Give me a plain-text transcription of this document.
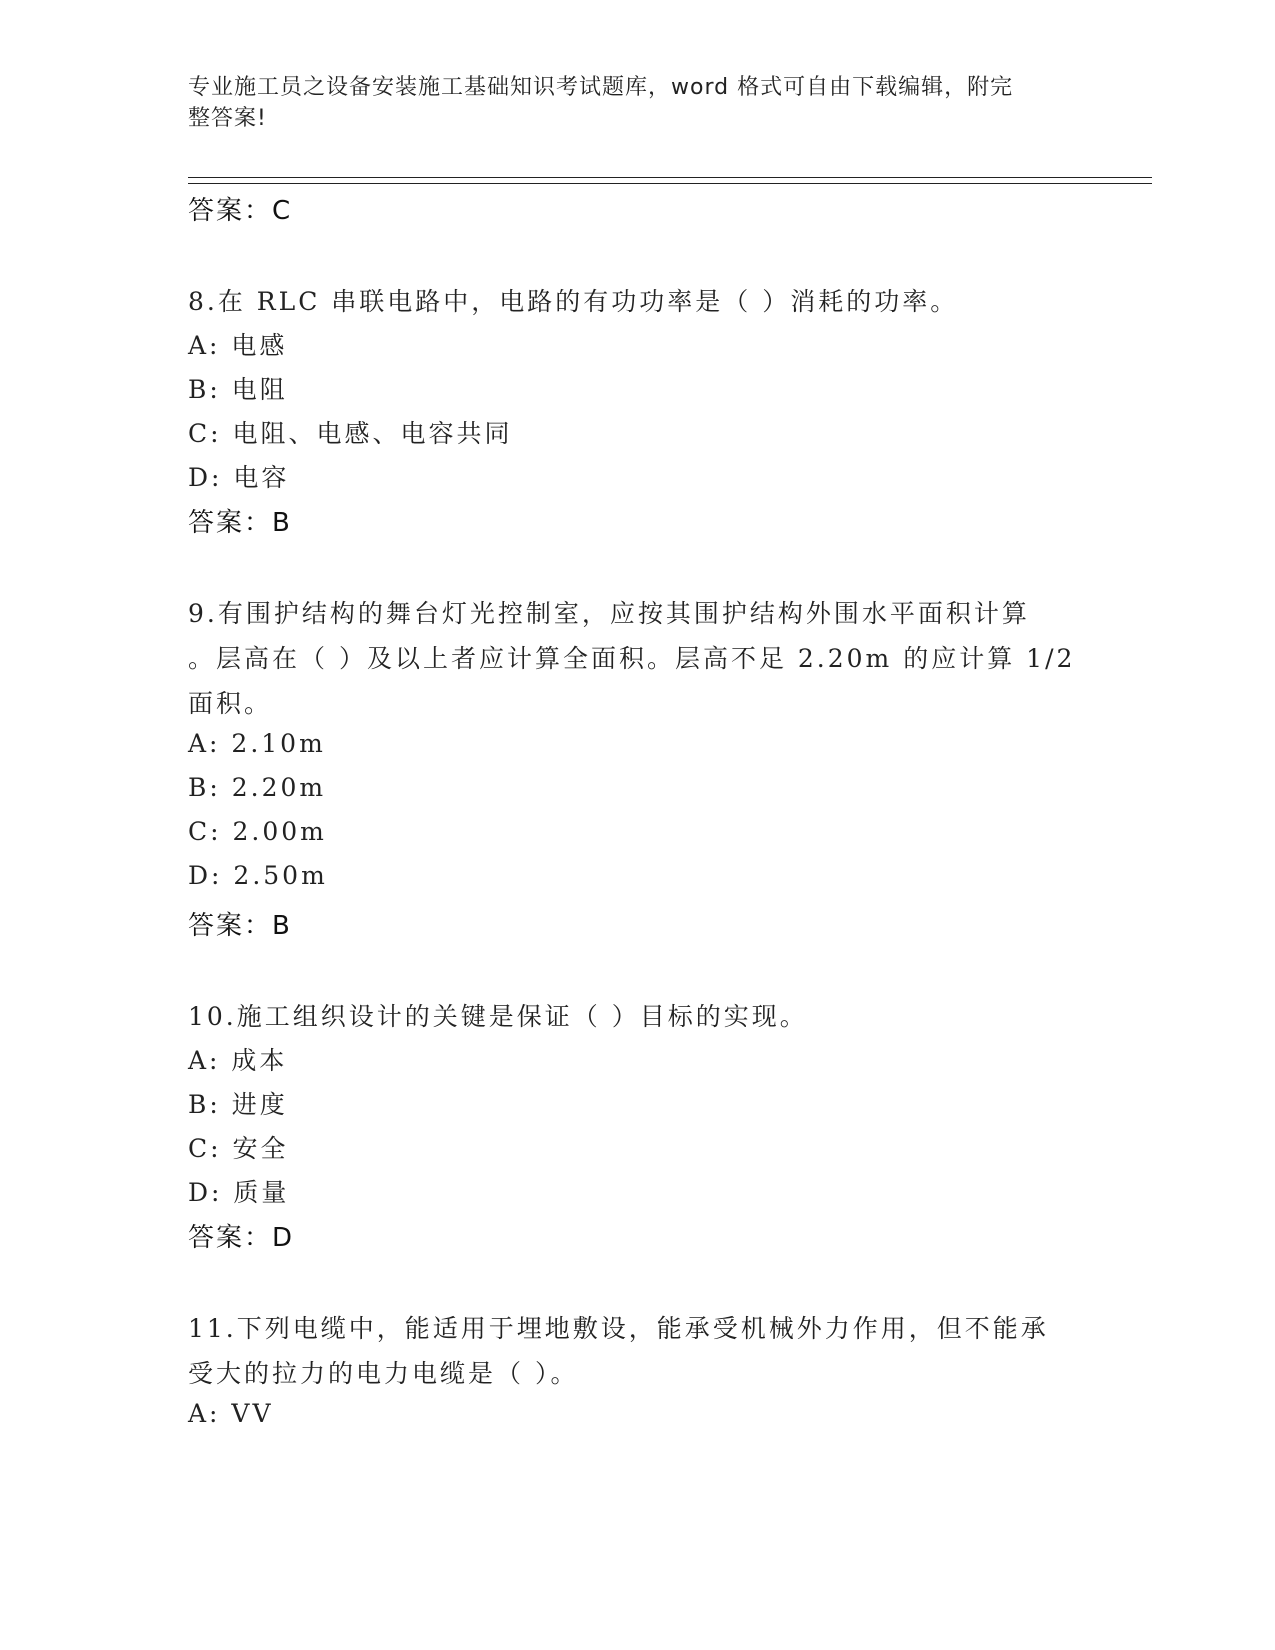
专业施工员之设备安装施工基础知识考试题库，word 格式可自由下载编辑，附完
整答案!
答案：C
8.在 RLC 串联电路中，电路的有功功率是（ ）消耗的功率。
A: 电感
B: 电阻
C: 电阻、电感、电容共同
D: 电容
答案：B
9.有围护结构的舞台灯光控制室，应按其围护结构外围水平面积计算
。层高在（ ）及以上者应计算全面积。层高不足 2.20m 的应计算 1/2
面积。
A: 2.10m
B: 2.20m
C: 2.00m
D: 2.50m
答案：B
10.施工组织设计的关键是保证（ ）目标的实现。
A: 成本
B: 进度
C: 安全
D: 质量
答案：D
11.下列电缆中，能适用于埋地敷设，能承受机械外力作用，但不能承
受大的拉力的电力电缆是（ ）。
A: VV
